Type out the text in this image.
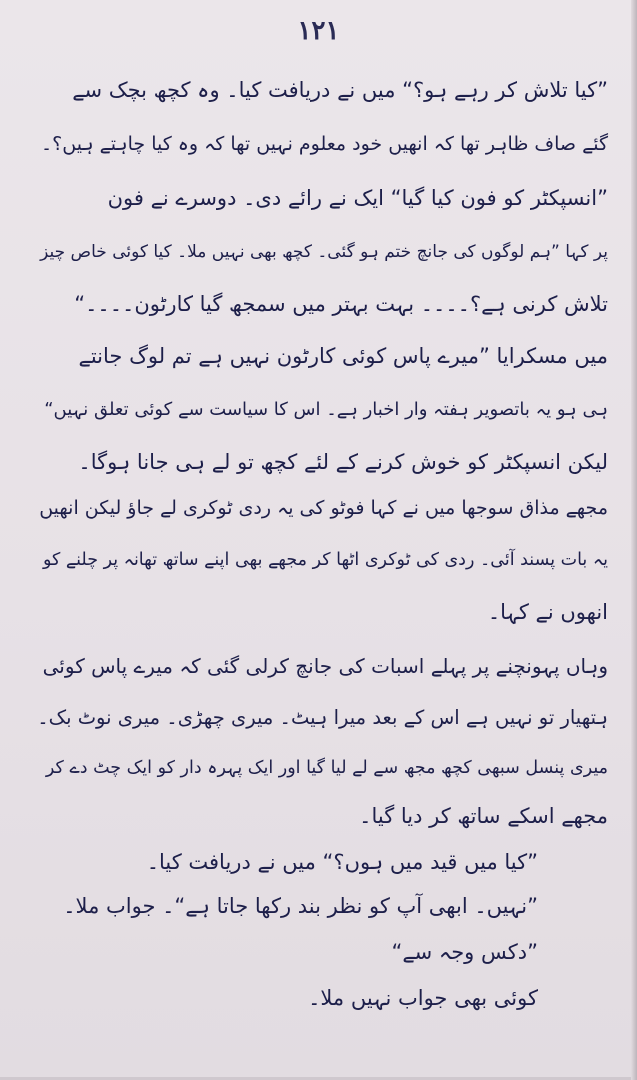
۱۲۱

”کیا تلاش کر رہے ہو؟“ میں نے دریافت کیا۔ وہ کچھ بچک سے
گئے صاف ظاہر تھا کہ انھیں خود معلوم نہیں تھا کہ وہ کیا چاہتے ہیں؟۔
”انسپکٹر کو فون کیا گیا“ ایک نے رائے دی۔ دوسرے نے فون
پر کہا ”ہم لوگوں کی جانچ ختم ہو گئی۔ کچھ بھی نہیں ملا۔ کیا کوئی خاص چیز
تلاش کرنی ہے؟۔۔۔۔ بہت بہتر میں سمجھ گیا کارٹون۔۔۔۔“
میں مسکرایا ”میرے پاس کوئی کارٹون نہیں ہے تم لوگ جانتے
ہی ہو یہ باتصویر ہفتہ وار اخبار ہے۔ اس کا سیاست سے کوئی تعلق نہیں“
لیکن انسپکٹر کو خوش کرنے کے لئے کچھ تو لے ہی جانا ہوگا۔
مجھے مذاق سوجھا میں نے کہا فوٹو کی یہ ردی ٹوکری لے جاؤ لیکن انھیں
یہ بات پسند آئی۔ ردی کی ٹوکری اٹھا کر مجھے بھی اپنے ساتھ تھانہ پر چلنے کو
انھوں نے کہا۔
وہاں پہونچنے پر پہلے اسبات کی جانچ کرلی گئی کہ میرے پاس کوئی
ہتھیار تو نہیں ہے اس کے بعد میرا ہیٹ۔ میری چھڑی۔ میری نوٹ بک۔
میری پنسل سبھی کچھ مجھ سے لے لیا گیا اور ایک پہرہ دار کو ایک چٹ دے کر
مجھے اسکے ساتھ کر دیا گیا۔
”کیا میں قید میں ہوں؟“ میں نے دریافت کیا۔
”نہیں۔ ابھی آپ کو نظر بند رکھا جاتا ہے“۔ جواب ملا۔
”دکس وجہ سے“
کوئی بھی جواب نہیں ملا۔
